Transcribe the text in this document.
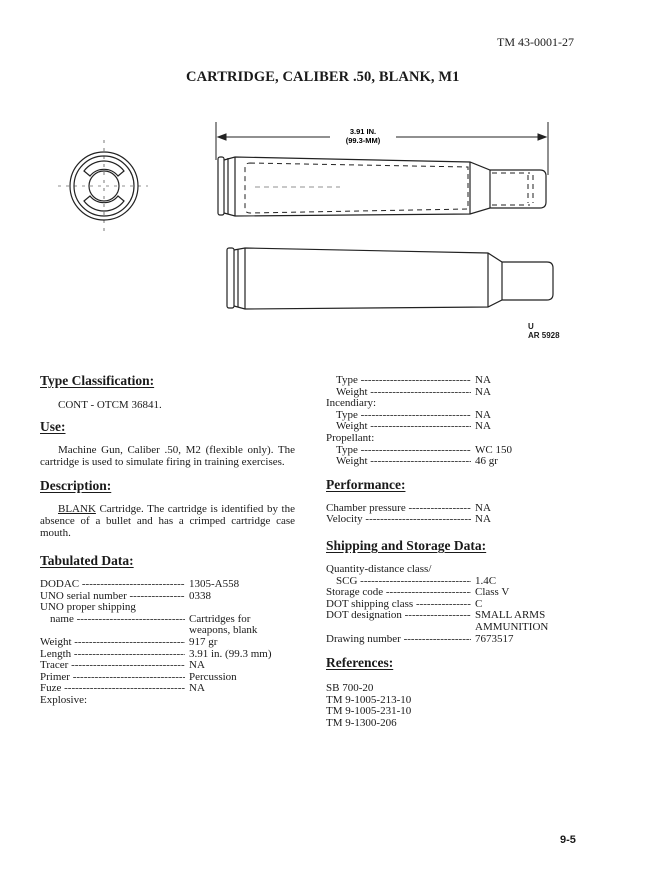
TM 43-0001-27
CARTRIDGE, CALIBER .50, BLANK, M1
3.91 IN.
(99.3-MM)
U
AR 5928
Type Classification:
CONT - OTCM 36841.
Use:
Machine Gun, Caliber .50, M2 (flexible only). The cartridge is used to simulate firing in training exercises.
Description:
BLANK Cartridge. The cartridge is identified by the absence of a bullet and has a crimped cartridge case mouth.
Tabulated Data:
DODAC -----	1305-A558
UNO serial number -----	0338
UNO proper shipping
name -----	Cartridges for
weapons, blank
Weight -----	917 gr
Length -----	3.91 in. (99.3 mm)
Tracer -----	NA
Primer -----	Percussion
Fuze -----	NA
Explosive:
Type -----	NA
Weight -----	NA
Incendiary:
Type -----	NA
Weight -----	NA
Propellant:
Type -----	WC 150
Weight -----	46 gr
Performance:
Chamber pressure -----	NA
Velocity -----	NA
Shipping and Storage Data:
Quantity-distance class/
SCG -----	1.4C
Storage code -----	Class V
DOT shipping class -----	C
DOT designation -----	SMALL ARMS
AMMUNITION
Drawing number -----	7673517
References:
SB 700-20
TM 9-1005-213-10
TM 9-1005-231-10
TM 9-1300-206
9-5
